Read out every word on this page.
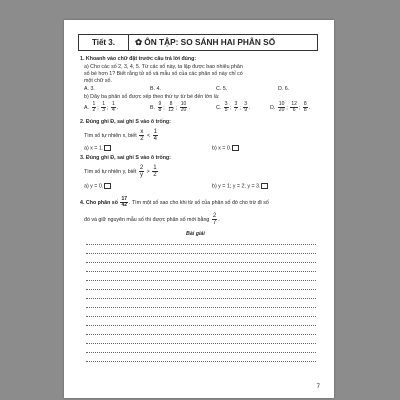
Tiết 3.	✿ ÔN TẬP: SO SÁNH HAI PHÂN SỐ
1. Khoanh vào chữ đặt trước câu trả lời đúng:
a) Cho các số 2, 3, 4, 5. Từ các số này, ta lập được bao nhiêu phân
số bé hơn 1? Biết rằng tử số và mẫu số của các phân số này chỉ có
một chữ số.
A. 3.	B. 4.	C. 5.	D. 6.
b) Dãy ba phân số được xếp theo thứ tự từ bé đến lớn là:
A. $\frac{1}{2}$ ; $\frac{1}{3}$ ; $\frac{1}{4}$ .	B. $\frac{9}{8}$ ; $\frac{8}{12}$ ; $\frac{10}{20}$ .	C. $\frac{3}{5}$ ; $\frac{3}{7}$ ; $\frac{3}{9}$ .	D. $\frac{10}{20}$ ; $\frac{12}{6}$ ; $\frac{8}{8}$ .
2. Đúng ghi Đ, sai ghi S vào ô trống:
Tìm số tự nhiên x, biết $\frac{x}{2} < \frac{1}{4}$
a) x = 1.	b) x = 0.
3. Đúng ghi Đ, sai ghi S vào ô trống:
Tìm số tự nhiên y, biết $\frac{2}{y} > \frac{1}{2}$
a) y = 0.	b) y = 1; y = 2; y = 3.
4. Cho phân số $\frac{17}{42}$ . Tìm một số sao cho khi từ số của phân số đó cho trừ đi số
đó và giữ nguyên mẫu số thì được phân số mới bằng $\frac{2}{7}$ .
Bài giải
7
